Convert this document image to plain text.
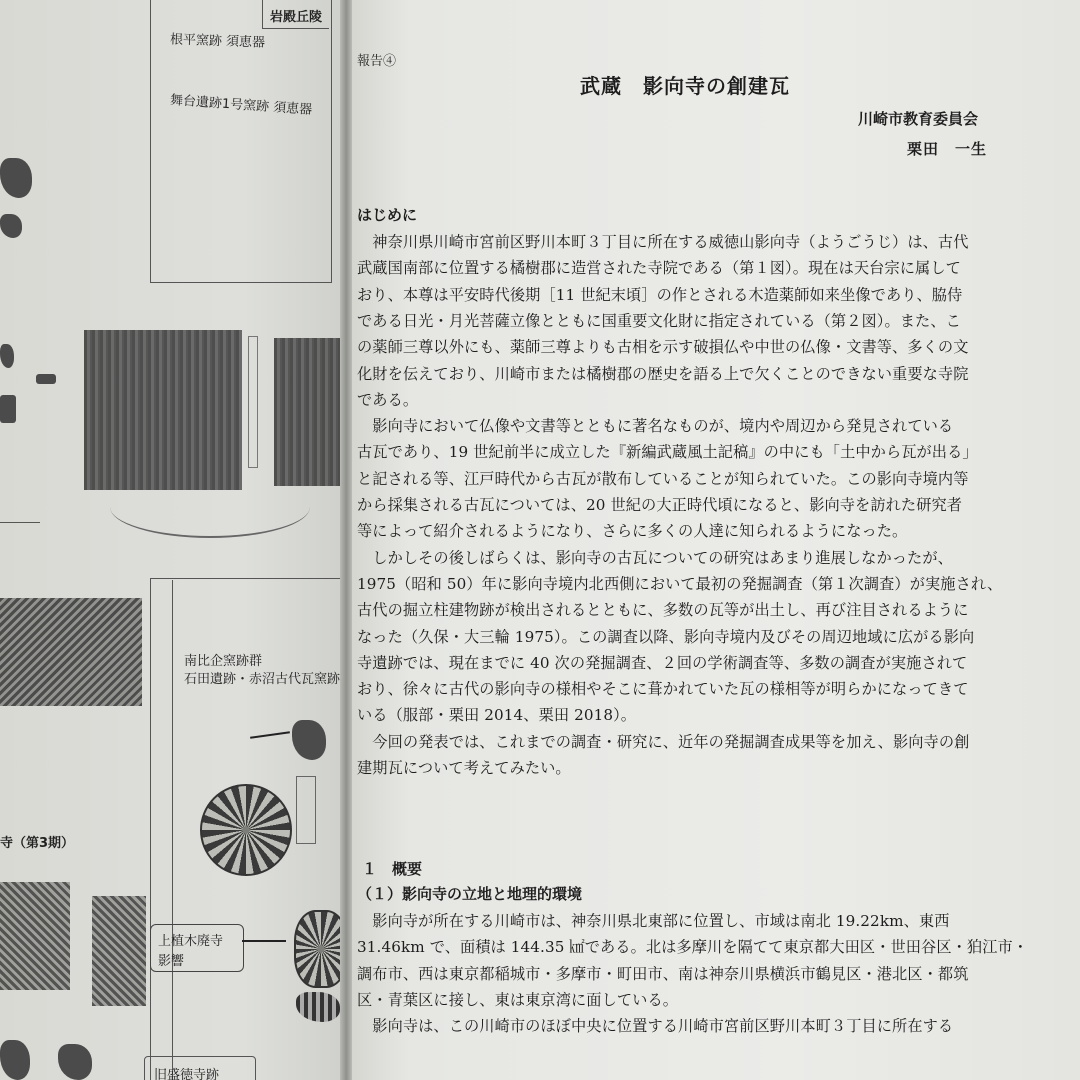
岩殿丘陵
根平窯跡 須恵器
舞台遺跡1号窯跡 須恵器
南比企窯跡群
石田遺跡・赤沼古代瓦窯跡
寺（第3期）
上植木廃寺
影響
旧盛徳寺跡
報告④
武蔵　影向寺の創建瓦
川崎市教育委員会
栗田　一生
はじめに
　神奈川県川崎市宮前区野川本町３丁目に所在する威徳山影向寺（ようごうじ）は、古代
武蔵国南部に位置する橘樹郡に造営された寺院である（第１図）。現在は天台宗に属して
おり、本尊は平安時代後期［11 世紀末頃］の作とされる木造薬師如来坐像であり、脇侍
である日光・月光菩薩立像とともに国重要文化財に指定されている（第２図）。また、こ
の薬師三尊以外にも、薬師三尊よりも古相を示す破損仏や中世の仏像・文書等、多くの文
化財を伝えており、川崎市または橘樹郡の歴史を語る上で欠くことのできない重要な寺院
である。
　影向寺において仏像や文書等とともに著名なものが、境内や周辺から発見されている
古瓦であり、19 世紀前半に成立した『新編武蔵風土記稿』の中にも「土中から瓦が出る」
と記される等、江戸時代から古瓦が散布していることが知られていた。この影向寺境内等
から採集される古瓦については、20 世紀の大正時代頃になると、影向寺を訪れた研究者
等によって紹介されるようになり、さらに多くの人達に知られるようになった。
　しかしその後しばらくは、影向寺の古瓦についての研究はあまり進展しなかったが、
1975（昭和 50）年に影向寺境内北西側において最初の発掘調査（第１次調査）が実施され、
古代の掘立柱建物跡が検出されるとともに、多数の瓦等が出土し、再び注目されるように
なった（久保・大三輪 1975）。この調査以降、影向寺境内及びその周辺地域に広がる影向
寺遺跡では、現在までに 40 次の発掘調査、２回の学術調査等、多数の調査が実施されて
おり、徐々に古代の影向寺の様相やそこに葺かれていた瓦の様相等が明らかになってきて
いる（服部・栗田 2014、栗田 2018）。
　今回の発表では、これまでの調査・研究に、近年の発掘調査成果等を加え、影向寺の創
建期瓦について考えてみたい。
１　概要
（１）影向寺の立地と地理的環境
　影向寺が所在する川崎市は、神奈川県北東部に位置し、市域は南北 19.22km、東西
31.46km で、面積は 144.35 ㎢である。北は多摩川を隔てて東京都大田区・世田谷区・狛江市・
調布市、西は東京都稲城市・多摩市・町田市、南は神奈川県横浜市鶴見区・港北区・都筑
区・青葉区に接し、東は東京湾に面している。
　影向寺は、この川崎市のほぼ中央に位置する川崎市宮前区野川本町３丁目に所在する
